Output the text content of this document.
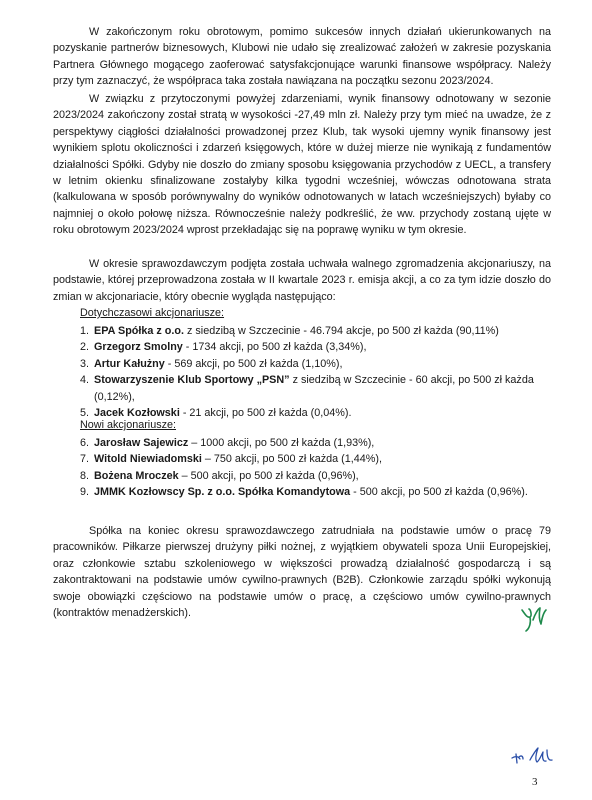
W zakończonym roku obrotowym, pomimo sukcesów innych działań ukierunkowanych na pozyskanie partnerów biznesowych, Klubowi nie udało się zrealizować założeń w zakresie pozyskania Partnera Głównego mogącego zaoferować satysfakcjonujące warunki finansowe współpracy. Należy przy tym zaznaczyć, że współpraca taka została nawiązana na początku sezonu 2023/2024.

W związku z przytoczonymi powyżej zdarzeniami, wynik finansowy odnotowany w sezonie 2023/2024 zakończony został stratą w wysokości -27,49 mln zł. Należy przy tym mieć na uwadze, że z perspektywy ciągłości działalności prowadzonej przez Klub, tak wysoki ujemny wynik finansowy jest wynikiem splotu okoliczności i zdarzeń księgowych, które w dużej mierze nie wynikają z fundamentów działalności Spółki. Gdyby nie doszło do zmiany sposobu księgowania przychodów z UECL, a transfery w letnim okienku sfinalizowane zostałyby kilka tygodni wcześniej, wówczas odnotowana strata (kalkulowana w sposób porównywalny do wyników odnotowanych w latach wcześniejszych) byłaby co najmniej o około połowę niższa. Równocześnie należy podkreślić, że ww. przychody zostaną ujęte w roku obrotowym 2023/2024 wprost przekładając się na poprawę wyniku w tym okresie.

W okresie sprawozdawczym podjęta została uchwała walnego zgromadzenia akcjonariuszy, na podstawie, której przeprowadzona została w II kwartale 2023 r. emisja akcji, a co za tym idzie doszło do zmian w akcjonariacie, który obecnie wygląda następująco:

Dotychczasowi akcjonariusze:

1. EPA Spółka z o.o. z siedzibą w Szczecinie - 46.794 akcje, po 500 zł każda (90,11%)
2. Grzegorz Smolny - 1734 akcji, po 500 zł każda (3,34%),
3. Artur Kałużny - 569 akcji, po 500 zł każda (1,10%),
4. Stowarzyszenie Klub Sportowy „PSN” z siedzibą w Szczecinie - 60 akcji, po 500 zł każda (0,12%),
5. Jacek Kozłowski - 21 akcji, po 500 zł każda (0,04%).

Nowi akcjonariusze:

6. Jarosław Sajewicz – 1000 akcji, po 500 zł każda (1,93%),
7. Witold Niewiadomski – 750 akcji, po 500 zł każda (1,44%),
8. Bożena Mroczek – 500 akcji, po 500 zł każda (0,96%),
9. JMMK Kozłowscy Sp. z o.o. Spółka Komandytowa - 500 akcji, po 500 zł każda (0,96%).

Spółka na koniec okresu sprawozdawczego zatrudniała na podstawie umów o pracę 79 pracowników. Piłkarze pierwszej drużyny piłki nożnej, z wyjątkiem obywateli spoza Unii Europejskiej, oraz członkowie sztabu szkoleniowego w większości prowadzą działalność gospodarczą i są zakontraktowani na podstawie umów cywilno-prawnych (B2B). Członkowie zarządu spółki wykonują swoje obowiązki częściowo na podstawie umów o pracę, a częściowo umów cywilno-prawnych (kontraktów menadżerskich).

3
